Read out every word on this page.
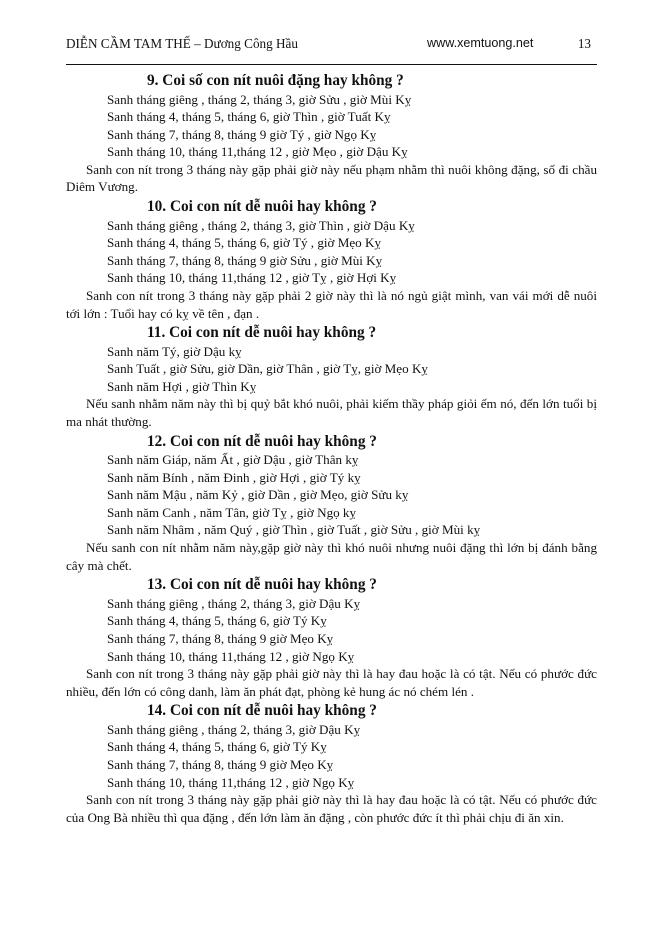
DIỄN CẦM TAM THẾ – Dương Công Hầu	www.xemtuong.net	13
9. Coi số con nít nuôi đặng hay không ?
Sanh tháng giêng , tháng 2, tháng 3, giờ Sửu , giờ Mùi Kỵ
Sanh tháng 4, tháng 5, tháng 6, giờ Thìn , giờ Tuất Kỵ
Sanh tháng 7, tháng 8, tháng 9 giờ Tý , giờ Ngọ Kỵ
Sanh tháng 10, tháng 11,tháng 12 , giờ Mẹo , giờ Dậu Kỵ
Sanh con nít trong 3 tháng này gặp phải giờ này nếu phạm nhằm thì nuôi không đặng, số đi chầu Diêm Vương.
10. Coi con nít dễ nuôi hay không ?
Sanh tháng giêng , tháng 2, tháng 3, giờ Thìn , giờ Dậu Kỵ
Sanh tháng 4, tháng 5, tháng 6, giờ Tý , giờ Mẹo Kỵ
Sanh tháng 7, tháng 8, tháng 9 giờ Sửu , giờ Mùi Kỵ
Sanh tháng 10, tháng 11,tháng 12 , giờ Tỵ , giờ Hợi Kỵ
Sanh con nít trong 3 tháng này gặp phải 2 giờ này thì là nó ngủ giật mình, van vái mới dễ nuôi tới lớn : Tuổi hay có kỵ về tên , đạn .
11. Coi con nít dễ nuôi hay không ?
Sanh năm Tý, giờ Dậu kỵ
Sanh Tuất , giờ Sửu, giờ Dần, giờ Thân , giờ Tỵ, giờ Mẹo Kỵ
Sanh năm Hợi , giờ Thìn Kỵ
Nếu sanh nhằm năm này thì bị quỷ bắt khó nuôi, phải kiếm thầy pháp giỏi ếm nó, đến lớn tuổi bị ma nhát thường.
12. Coi con nít dễ nuôi hay không ?
Sanh năm Giáp, năm Ất , giờ Dậu , giờ Thân kỵ
Sanh năm Bính , năm Đinh , giờ Hợi , giờ Tý kỵ
Sanh năm Mậu , năm Kỷ , giờ Dần , giờ Mẹo, giờ Sửu kỵ
Sanh năm Canh , năm Tân, giờ Tỵ , giờ Ngọ kỵ
Sanh năm Nhâm , năm Quý , giờ Thìn , giờ Tuất , giờ Sửu , giờ Mùi kỵ
Nếu sanh con nít nhằm năm này,gặp giờ này thì khó nuôi nhưng nuôi đặng thì lớn bị đánh bằng cây mà chết.
13. Coi con nít dễ nuôi hay không ?
Sanh tháng giêng , tháng 2, tháng 3, giờ Dậu Kỵ
Sanh tháng 4, tháng 5, tháng 6, giờ Tý Kỵ
Sanh tháng 7, tháng 8, tháng 9 giờ Mẹo Kỵ
Sanh tháng 10, tháng 11,tháng 12 , giờ Ngọ Kỵ
Sanh con nít trong 3 tháng này gặp phải giờ này thì là hay đau hoặc là có tật. Nếu có phước đức nhiều, đến lớn có công danh, làm ăn phát đạt, phòng kẻ hung ác nó chém lén .
14. Coi con nít dễ nuôi hay không ?
Sanh tháng giêng , tháng 2, tháng 3, giờ Dậu Kỵ
Sanh tháng 4, tháng 5, tháng 6, giờ Tý Kỵ
Sanh tháng 7, tháng 8, tháng 9 giờ Mẹo Kỵ
Sanh tháng 10, tháng 11,tháng 12 , giờ Ngọ Kỵ
Sanh con nít trong 3 tháng này gặp phải giờ này thì là hay đau hoặc là có tật. Nếu có phước đức của Ong Bà nhiều thì qua đặng , đến lớn làm ăn đặng , còn phước đức ít thì phải chịu đi ăn xin.
